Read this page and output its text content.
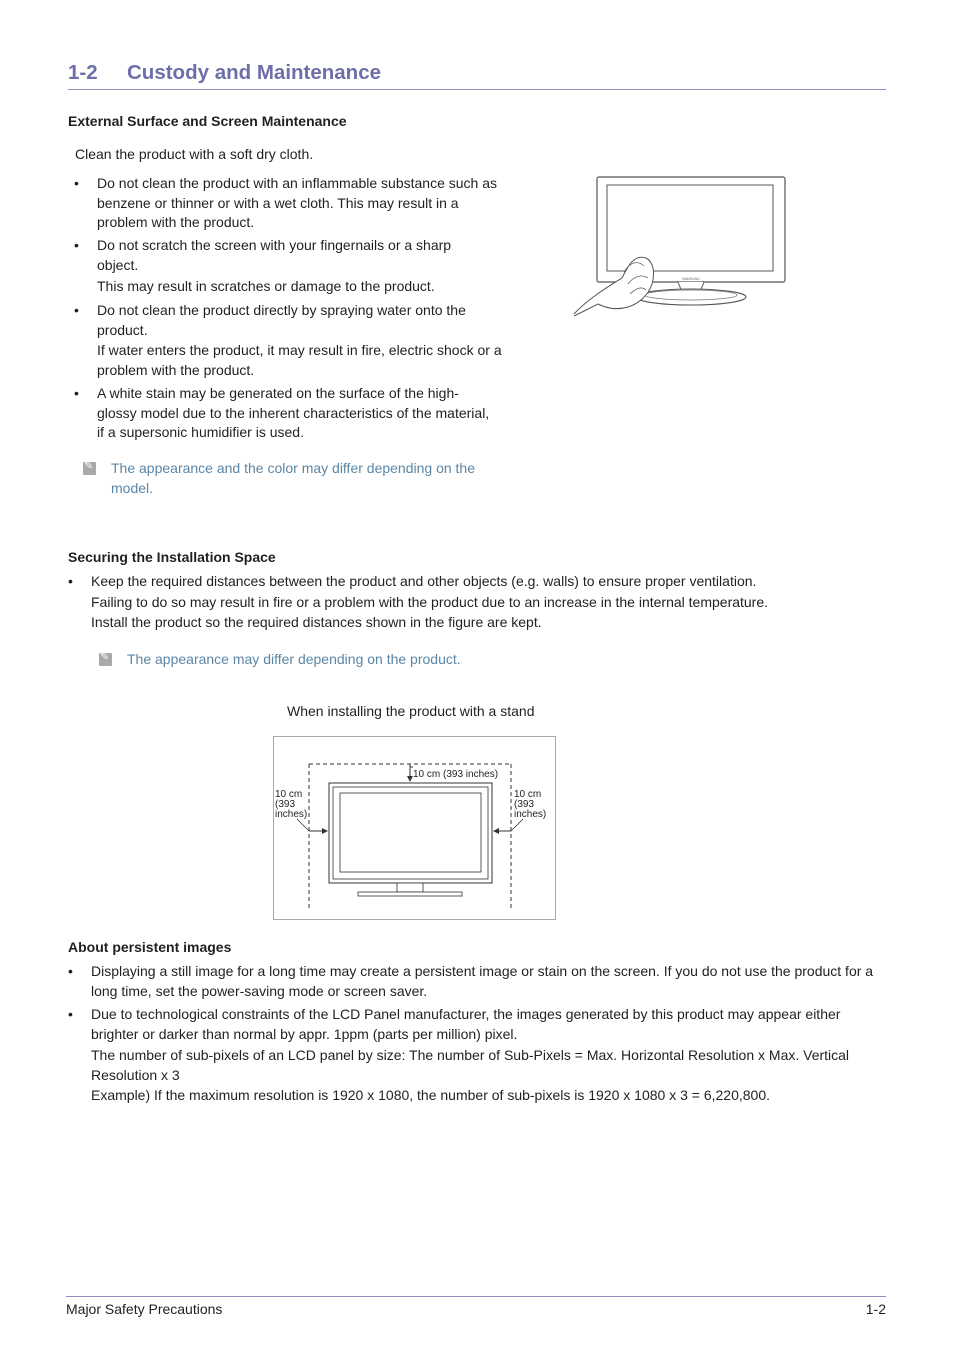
1-2 Custody and Maintenance
External Surface and Screen Maintenance
Clean the product with a soft dry cloth.
• Do not clean the product with an inflammable substance such as benzene or thinner or with a wet cloth. This may result in a problem with the product.
• Do not scratch the screen with your fingernails or a sharp object.
This may result in scratches or damage to the product.
• Do not clean the product directly by spraying water onto the product.
If water enters the product, it may result in fire, electric shock or a problem with the product.
• A white stain may be generated on the surface of the high-glossy model due to the inherent characteristics of the material, if a supersonic humidifier is used.
✎
The appearance and the color may differ depending on the model.
SAMSUNG
Securing the Installation Space
• Keep the required distances between the product and other objects (e.g. walls) to ensure proper ventilation.
Failing to do so may result in fire or a problem with the product due to an increase in the internal temperature.
Install the product so the required distances shown in the figure are kept.
✎
The appearance may differ depending on the product.
When installing the product with a stand
10 cm (393 inches)
10 cm
(393
inches)
10 cm
(393
inches)
About persistent images
• Displaying a still image for a long time may create a persistent image or stain on the screen. If you do not use the product for a long time, set the power-saving mode or screen saver.
• Due to technological constraints of the LCD Panel manufacturer, the images generated by this product may appear either brighter or darker than normal by appr. 1ppm (parts per million) pixel.
The number of sub-pixels of an LCD panel by size: The number of Sub-Pixels = Max. Horizontal Resolution x Max. Vertical Resolution x 3
Example) If the maximum resolution is 1920 x 1080, the number of sub-pixels is 1920 x 1080 x 3 = 6,220,800.
Major Safety Precautions	1-2
